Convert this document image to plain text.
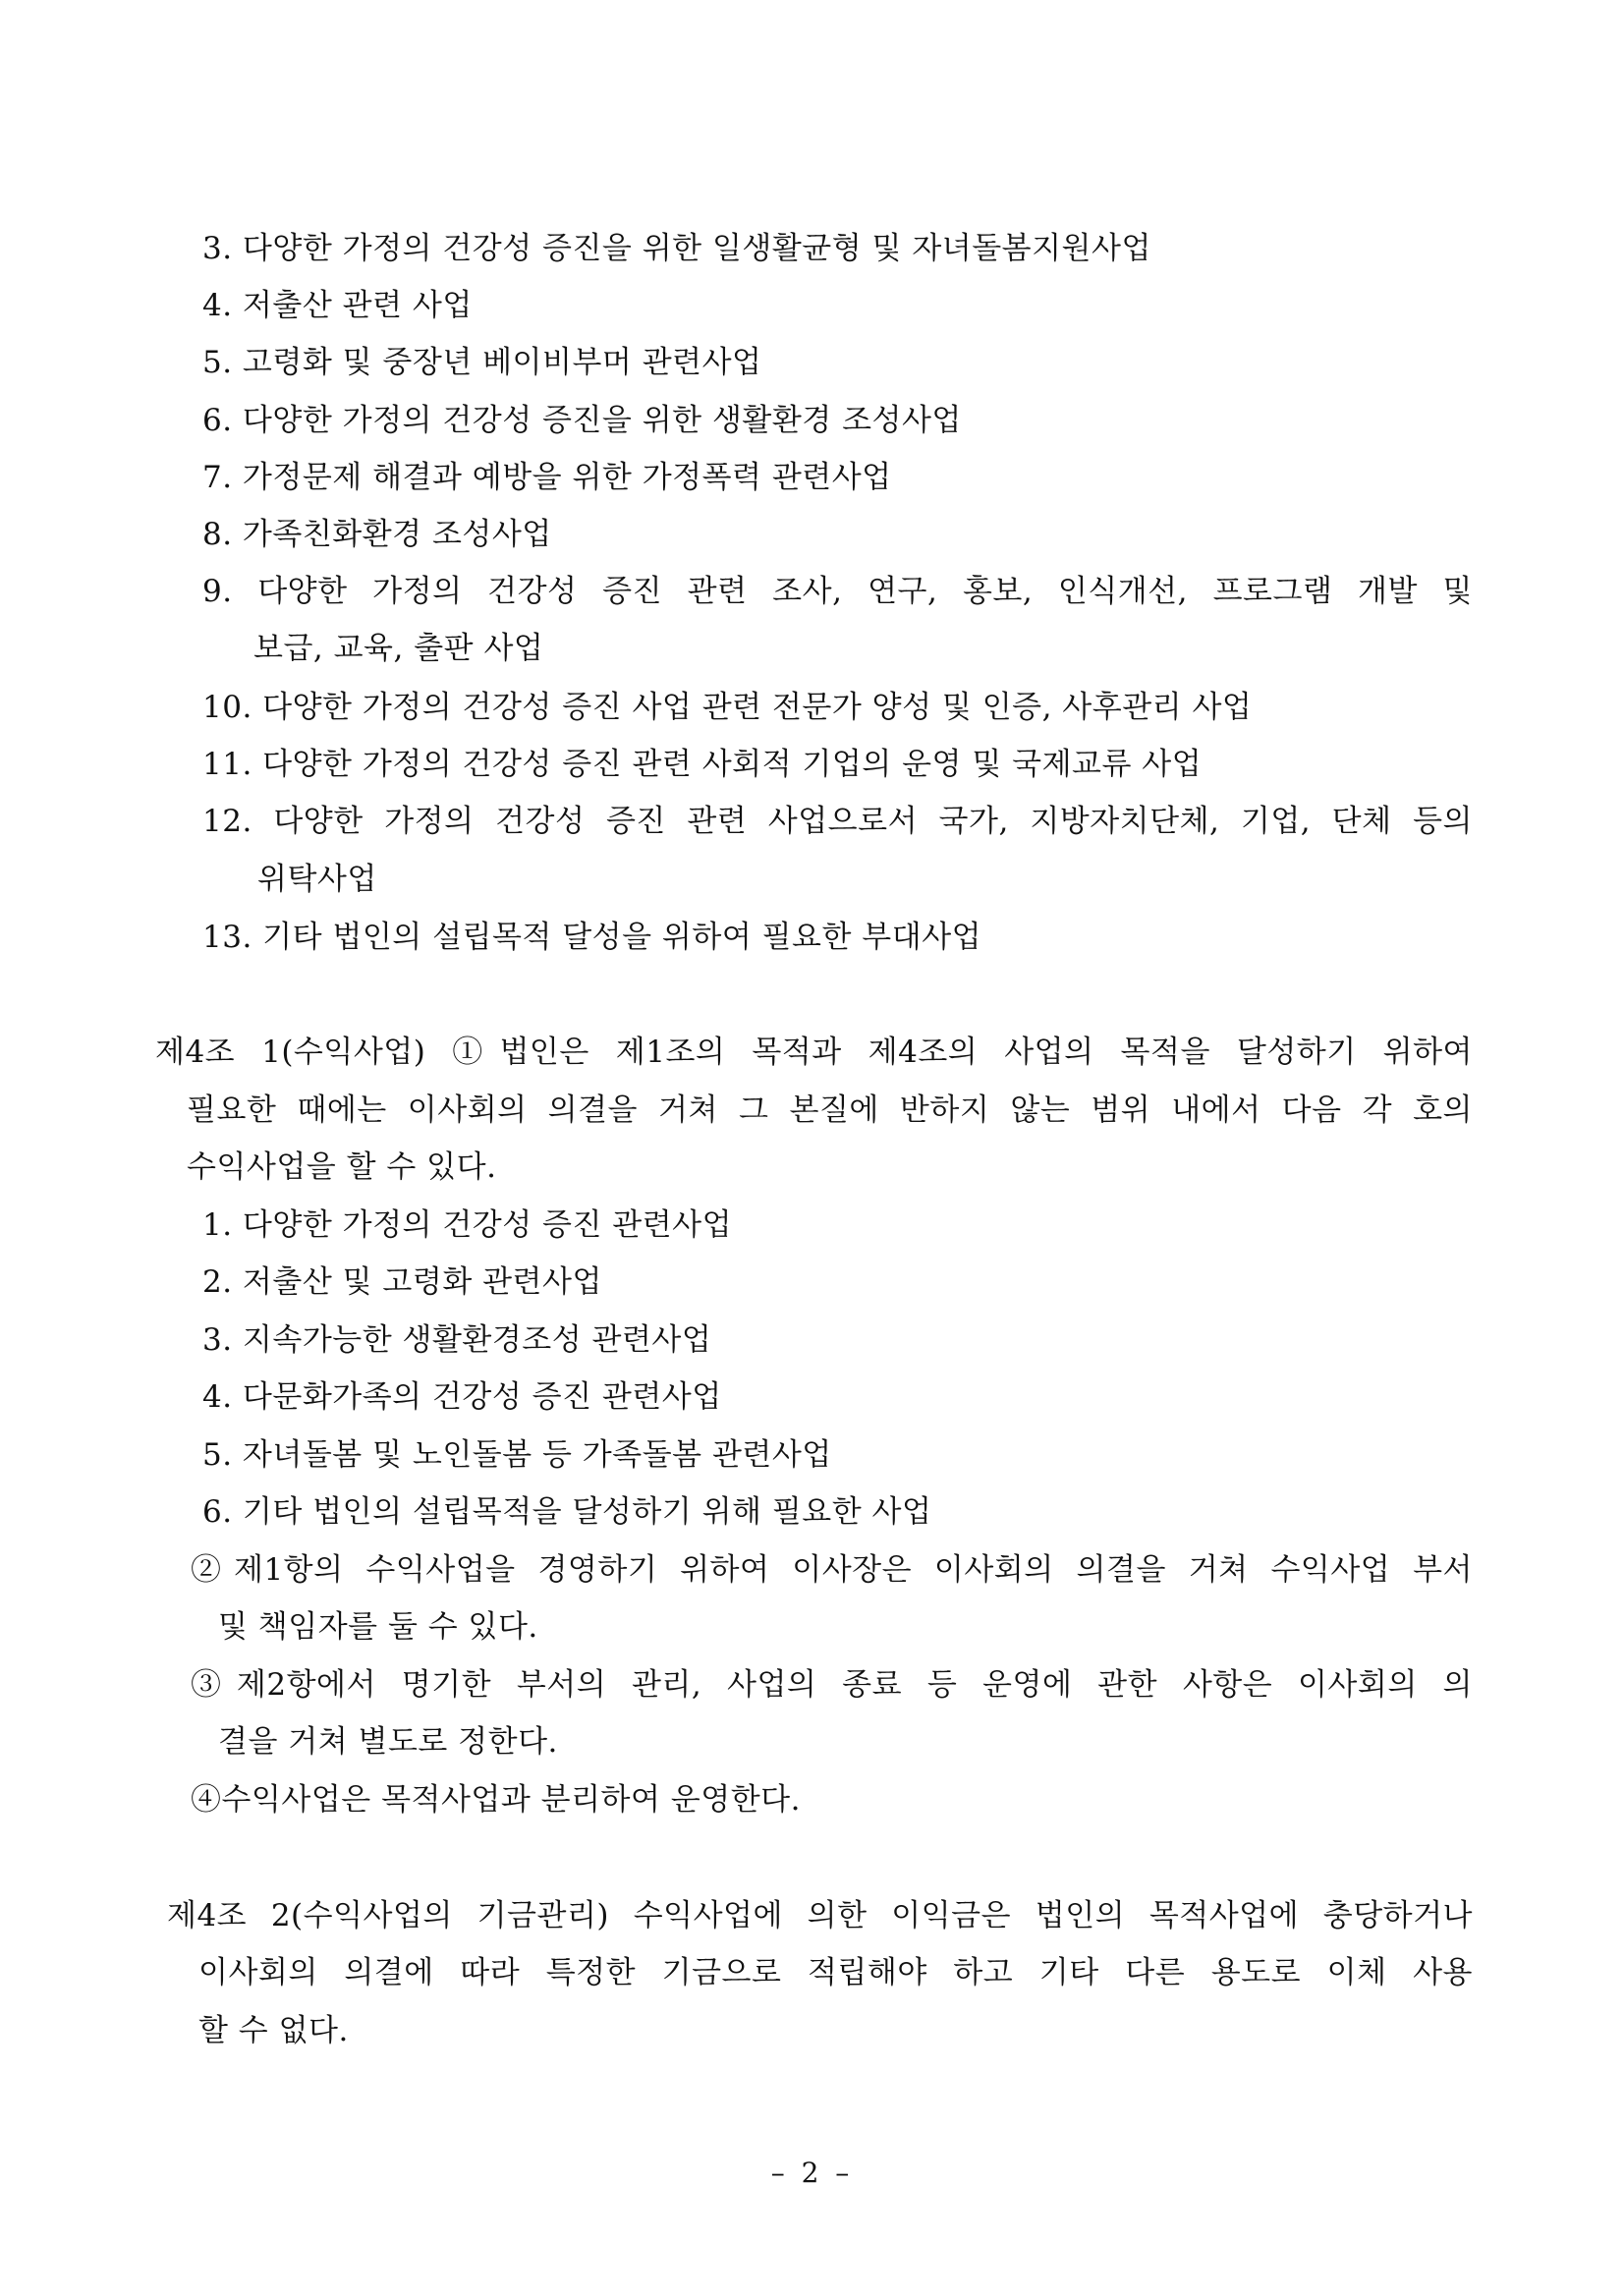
3. 다양한 가정의 건강성 증진을 위한 일생활균형 및 자녀돌봄지원사업
4. 저출산 관련 사업
5. 고령화 및 중장년 베이비부머 관련사업
6. 다양한 가정의 건강성 증진을 위한 생활환경 조성사업
7. 가정문제 해결과 예방을 위한 가정폭력 관련사업
8. 가족친화환경 조성사업
9. 다양한 가정의 건강성 증진 관련 조사, 연구, 홍보, 인식개선, 프로그램 개발 및
보급, 교육, 출판 사업
10. 다양한 가정의 건강성 증진 사업 관련 전문가 양성 및 인증, 사후관리 사업
11. 다양한 가정의 건강성 증진 관련 사회적 기업의 운영 및 국제교류 사업
12. 다양한 가정의 건강성 증진 관련 사업으로서 국가, 지방자치단체, 기업, 단체 등의
위탁사업
13. 기타 법인의 설립목적 달성을 위하여 필요한 부대사업
제4조 1(수익사업) ①법인은 제1조의 목적과 제4조의 사업의 목적을 달성하기 위하여
필요한 때에는 이사회의 의결을 거쳐 그 본질에 반하지 않는 범위 내에서 다음 각 호의
수익사업을 할 수 있다.
1. 다양한 가정의 건강성 증진 관련사업
2. 저출산 및 고령화 관련사업
3. 지속가능한 생활환경조성 관련사업
4. 다문화가족의 건강성 증진 관련사업
5. 자녀돌봄 및 노인돌봄 등 가족돌봄 관련사업
6. 기타 법인의 설립목적을 달성하기 위해 필요한 사업
②제1항의 수익사업을 경영하기 위하여 이사장은 이사회의 의결을 거쳐 수익사업 부서
및 책임자를 둘 수 있다.
③제2항에서 명기한 부서의 관리, 사업의 종료 등 운영에 관한 사항은 이사회의 의
결을 거쳐 별도로 정한다.
④수익사업은 목적사업과 분리하여 운영한다.
제4조 2(수익사업의 기금관리) 수익사업에 의한 이익금은 법인의 목적사업에 충당하거나
이사회의 의결에 따라 특정한 기금으로 적립해야 하고 기타 다른 용도로 이체 사용
할 수 없다.
– 2 –
